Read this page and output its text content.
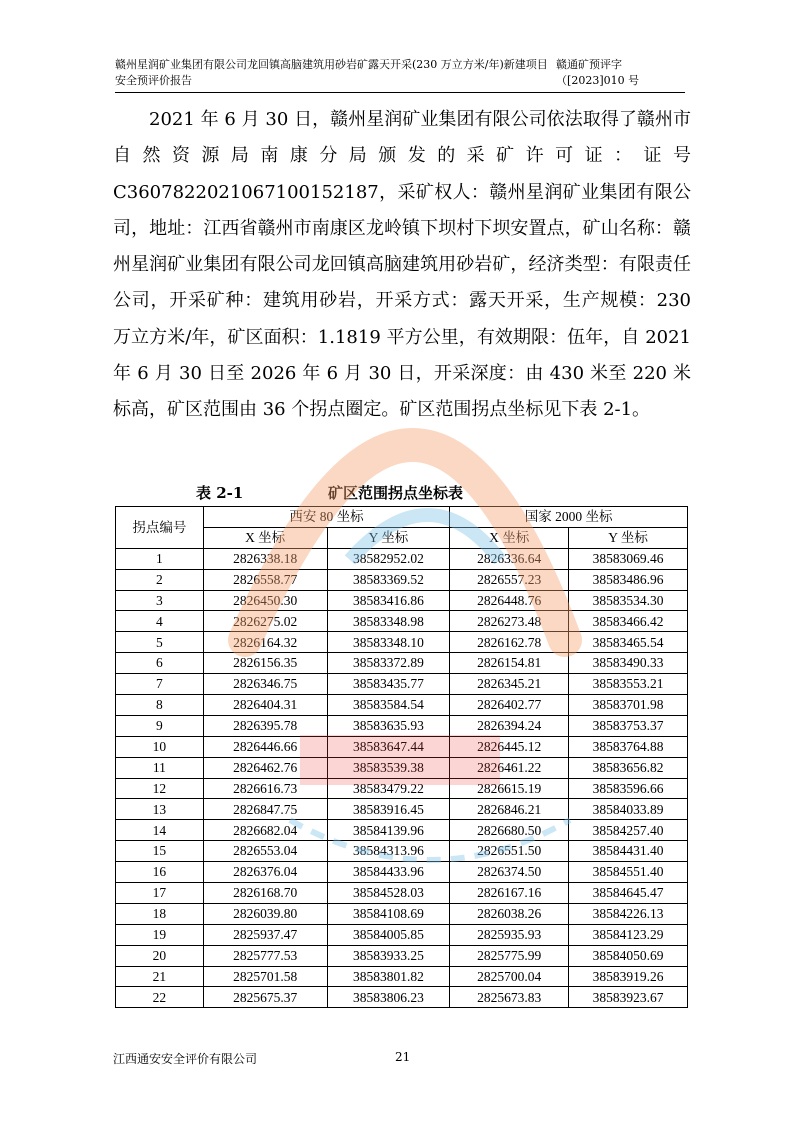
赣州星润矿业集团有限公司龙回镇高脑建筑用砂岩矿露天开采(230 万立方米/年)新建项目安全预评价报告
赣通矿预评字（[2023]010 号

2021 年 6 月 30 日，赣州星润矿业集团有限公司依法取得了赣州市自然资源局南康分局颁发的采矿许可证：证号 C3607822021067100152187，采矿权人：赣州星润矿业集团有限公司，地址：江西省赣州市南康区龙岭镇下坝村下坝安置点，矿山名称：赣州星润矿业集团有限公司龙回镇高脑建筑用砂岩矿，经济类型：有限责任公司，开采矿种：建筑用砂岩，开采方式：露天开采，生产规模：230 万立方米/年，矿区面积：1.1819 平方公里，有效期限：伍年，自 2021 年 6 月 30 日至 2026 年 6 月 30 日，开采深度：由 430 米至 220 米标高，矿区范围由 36 个拐点圈定。矿区范围拐点坐标见下表 2-1。

表 2-1	矿区范围拐点坐标表
拐点编号	西安 80 坐标		国家 2000 坐标	
	X 坐标	Y 坐标	X 坐标	Y 坐标
1	2826338.18	38582952.02	2826336.64	38583069.46
2	2826558.77	38583369.52	2826557.23	38583486.96
3	2826450.30	38583416.86	2826448.76	38583534.30
4	2826275.02	38583348.98	2826273.48	38583466.42
5	2826164.32	38583348.10	2826162.78	38583465.54
6	2826156.35	38583372.89	2826154.81	38583490.33
7	2826346.75	38583435.77	2826345.21	38583553.21
8	2826404.31	38583584.54	2826402.77	38583701.98
9	2826395.78	38583635.93	2826394.24	38583753.37
10	2826446.66	38583647.44	2826445.12	38583764.88
11	2826462.76	38583539.38	2826461.22	38583656.82
12	2826616.73	38583479.22	2826615.19	38583596.66
13	2826847.75	38583916.45	2826846.21	38584033.89
14	2826682.04	38584139.96	2826680.50	38584257.40
15	2826553.04	38584313.96	2826551.50	38584431.40
16	2826376.04	38584433.96	2826374.50	38584551.40
17	2826168.70	38584528.03	2826167.16	38584645.47
18	2826039.80	38584108.69	2826038.26	38584226.13
19	2825937.47	38584005.85	2825935.93	38584123.29
20	2825777.53	38583933.25	2825775.99	38584050.69
21	2825701.58	38583801.82	2825700.04	38583919.26
22	2825675.37	38583806.23	2825673.83	38583923.67
江西通安安全评价有限公司	21
